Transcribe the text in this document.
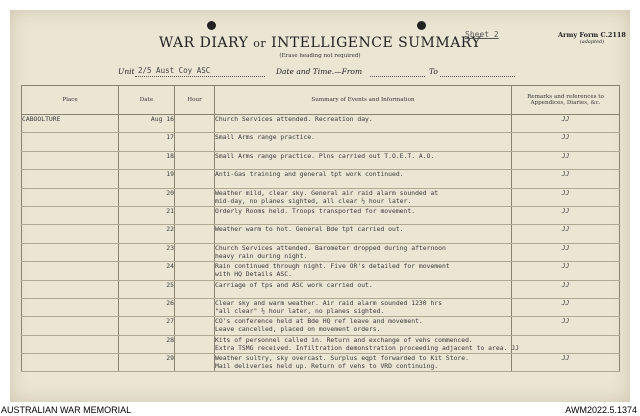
WAR DIARY or INTELLIGENCE SUMMARY
(Erase heading not required)
Sheet 2	Army Form C.2118
(adapted)
Unit 2/5 Aust Coy ASC	Date and Time.—From	To
Place	Date	Hour	Summary of Events and Information	Remarks and references to Appendices, Diaries, &c.
CABOOLTURE	Aug 16		Church Services attended. Recreation day.	JJ
	17		Small Arms range practice.	JJ
	18		Small Arms range practice. Plns carried out T.O.E.T. A.O.	JJ
	19		Anti-Gas training and general tpt work continued.	JJ
	20		Weather mild, clear sky. General air raid alarm sounded at
mid-day, no planes sighted, all clear ½ hour later.	JJ
	21		Orderly Rooms held. Troops transported for movement.	JJ
	22		Weather warm to hot. General Bde tpt carried out.	JJ
	23		Church Services attended. Barometer dropped during afternoon
heavy rain during night.	JJ
	24		Rain continued through night. Five OR's detailed for movement
with HQ Details ASC.	JJ
	25		Carriage of tps and ASC work carried out.	JJ
	26		Clear sky and warm weather. Air raid alarm sounded 1230 hrs
"all clear" ½ hour later, no planes sighted.	JJ
	27		CO's conference held at Bde HQ ref leave and movement.
Leave cancelled, placed on movement orders.	JJ
	28		Kits of personnel called in. Return and exchange of vehs commenced.
Extra TSMG received. Infiltration demonstration proceeding adjacent to area. JJ	

	29		Weather sultry, sky overcast. Surplus eqpt forwarded to Kit Store.
Mail deliveries held up. Return of vehs to VRD continuing.	JJ
AUSTRALIAN WAR MEMORIAL	AWM2022.5.1374
